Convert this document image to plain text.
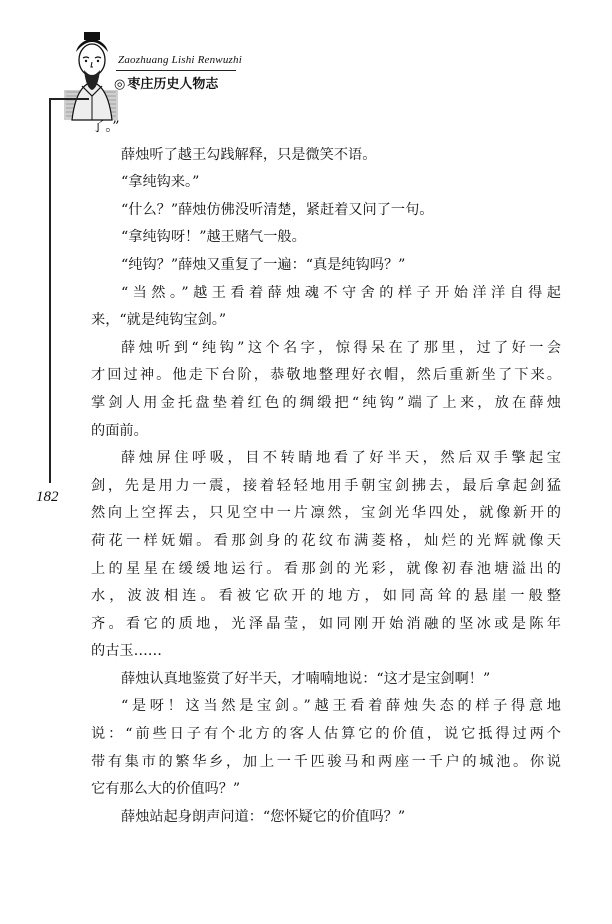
Zaozhuang Lishi Renwuzhi
◎ 枣庄历史人物志
182
了。”
薛烛听了越王勾践解释，只是微笑不语。
“拿纯钩来。”
“什么？”薛烛仿佛没听清楚，紧赶着又问了一句。
“拿纯钩呀！”越王赌气一般。
“纯钩？”薛烛又重复了一遍：“真是纯钩吗？”
“当然。”越王看着薛烛魂不守舍的样子开始洋洋自得起
来，“就是纯钩宝剑。”
薛烛听到“纯钩”这个名字，惊得呆在了那里，过了好一会
才回过神。他走下台阶，恭敬地整理好衣帽，然后重新坐了下来。
掌剑人用金托盘垫着红色的绸缎把“纯钩”端了上来，放在薛烛
的面前。
薛烛屏住呼吸，目不转睛地看了好半天，然后双手擎起宝
剑，先是用力一震，接着轻轻地用手朝宝剑拂去，最后拿起剑猛
然向上空挥去，只见空中一片凛然，宝剑光华四处，就像新开的
荷花一样妩媚。看那剑身的花纹布满菱格，灿烂的光辉就像天
上的星星在缓缓地运行。看那剑的光彩，就像初春池塘溢出的
水，波波相连。看被它砍开的地方，如同高耸的悬崖一般整
齐。看它的质地，光泽晶莹，如同刚开始消融的坚冰或是陈年
的古玉……
薛烛认真地鉴赏了好半天，才喃喃地说：“这才是宝剑啊！”
“是呀！这当然是宝剑。”越王看着薛烛失态的样子得意地
说：“前些日子有个北方的客人估算它的价值，说它抵得过两个
带有集市的繁华乡，加上一千匹骏马和两座一千户的城池。你说
它有那么大的价值吗？”
薛烛站起身朗声问道：“您怀疑它的价值吗？”
